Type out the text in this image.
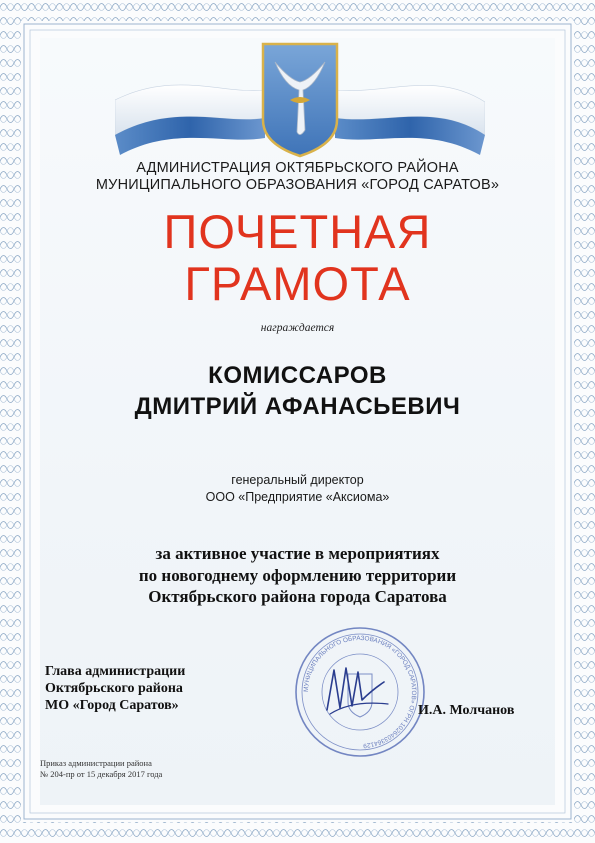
АДМИНИСТРАЦИЯ ОКТЯБРЬСКОГО РАЙОНА
МУНИЦИПАЛЬНОГО ОБРАЗОВАНИЯ «ГОРОД САРАТОВ»
ПОЧЕТНАЯ
ГРАМОТА
награждается
КОМИССАРОВ
ДМИТРИЙ АФАНАСЬЕВИЧ
генеральный директор
ООО «Предприятие «Аксиома»
за активное участие в мероприятиях
по новогоднему оформлению территории
Октябрьского района города Саратова
МУНИЦИПАЛЬНОГО ОБРАЗОВАНИЯ «ГОРОД САРАТОВ» ОГРН 1026403364129
Глава администрации
Октябрьского района
МО «Город Саратов»	И.А. Молчанов
Приказ администрации района
№ 204-пр от 15 декабря 2017 года
